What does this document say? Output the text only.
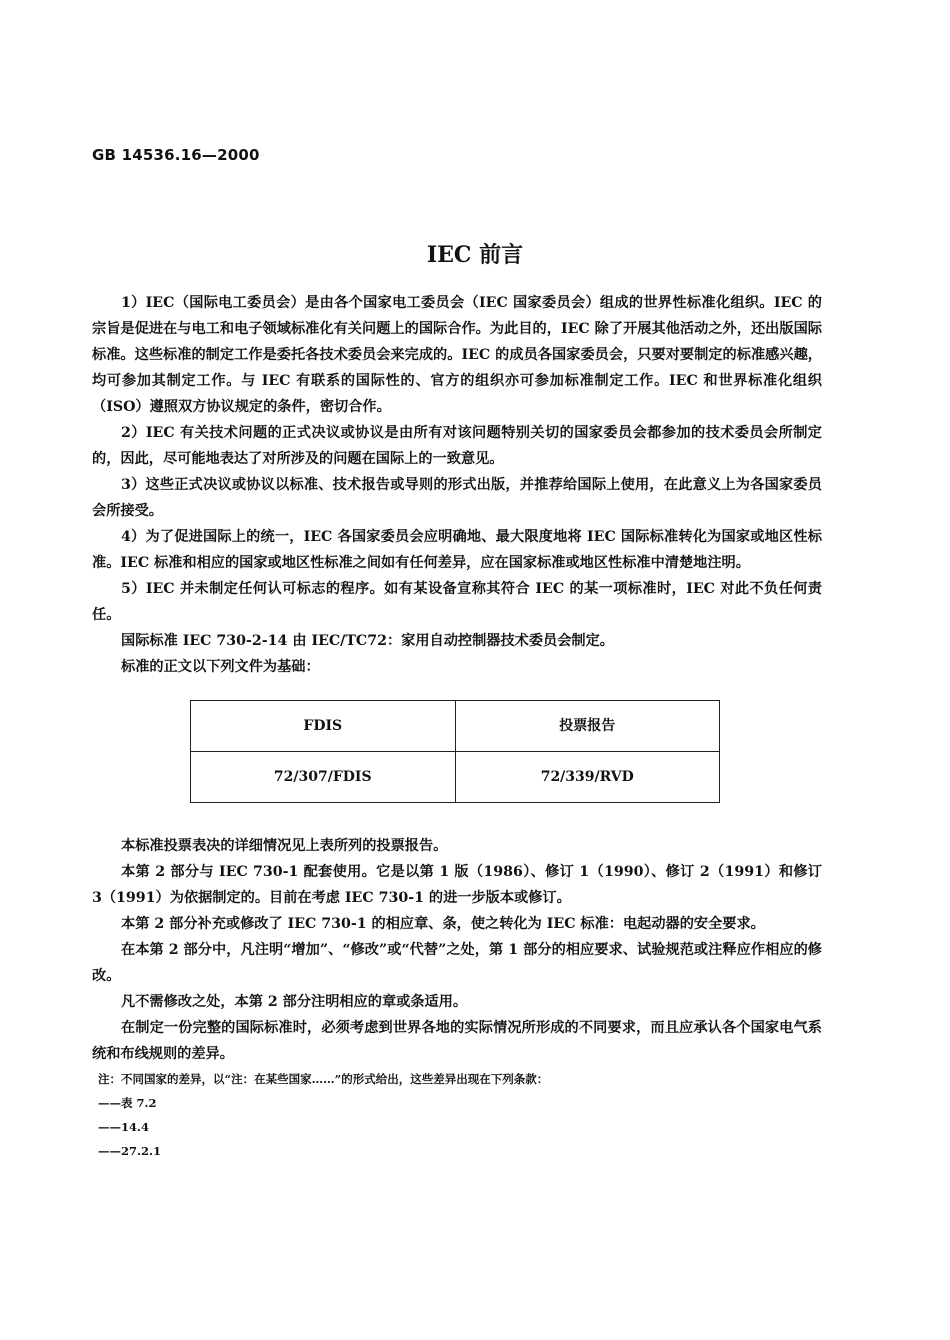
GB 14536.16—2000
IEC 前言

1）IEC（国际电工委员会）是由各个国家电工委员会（IEC 国家委员会）组成的世界性标准化组织。IEC 的宗旨是促进在与电工和电子领域标准化有关问题上的国际合作。为此目的，IEC 除了开展其他活动之外，还出版国际标准。这些标准的制定工作是委托各技术委员会来完成的。IEC 的成员各国家委员会，只要对要制定的标准感兴趣，均可参加其制定工作。与 IEC 有联系的国际性的、官方的组织亦可参加标准制定工作。IEC 和世界标准化组织（ISO）遵照双方协议规定的条件，密切合作。

2）IEC 有关技术问题的正式决议或协议是由所有对该问题特别关切的国家委员会都参加的技术委员会所制定的，因此，尽可能地表达了对所涉及的问题在国际上的一致意见。

3）这些正式决议或协议以标准、技术报告或导则的形式出版，并推荐给国际上使用，在此意义上为各国家委员会所接受。

4）为了促进国际上的统一，IEC 各国家委员会应明确地、最大限度地将 IEC 国际标准转化为国家或地区性标准。IEC 标准和相应的国家或地区性标准之间如有任何差异，应在国家标准或地区性标准中清楚地注明。

5）IEC 并未制定任何认可标志的程序。如有某设备宣称其符合 IEC 的某一项标准时，IEC 对此不负任何责任。

国际标准 IEC 730-2-14 由 IEC/TC72：家用自动控制器技术委员会制定。

标准的正文以下列文件为基础：

FDIS	投票报告
72/307/FDIS	72/339/RVD

本标准投票表决的详细情况见上表所列的投票报告。

本第 2 部分与 IEC 730-1 配套使用。它是以第 1 版（1986）、修订 1（1990）、修订 2（1991）和修订 3（1991）为依据制定的。目前在考虑 IEC 730-1 的进一步版本或修订。

本第 2 部分补充或修改了 IEC 730-1 的相应章、条，使之转化为 IEC 标准：电起动器的安全要求。

在本第 2 部分中，凡注明“增加”、“修改”或“代替”之处，第 1 部分的相应要求、试验规范或注释应作相应的修改。

凡不需修改之处，本第 2 部分注明相应的章或条适用。

在制定一份完整的国际标准时，必须考虑到世界各地的实际情况所形成的不同要求，而且应承认各个国家电气系统和布线规则的差异。

注：不同国家的差异，以“注：在某些国家……”的形式给出，这些差异出现在下列条款：

——表 7.2

——14.4

——27.2.1
